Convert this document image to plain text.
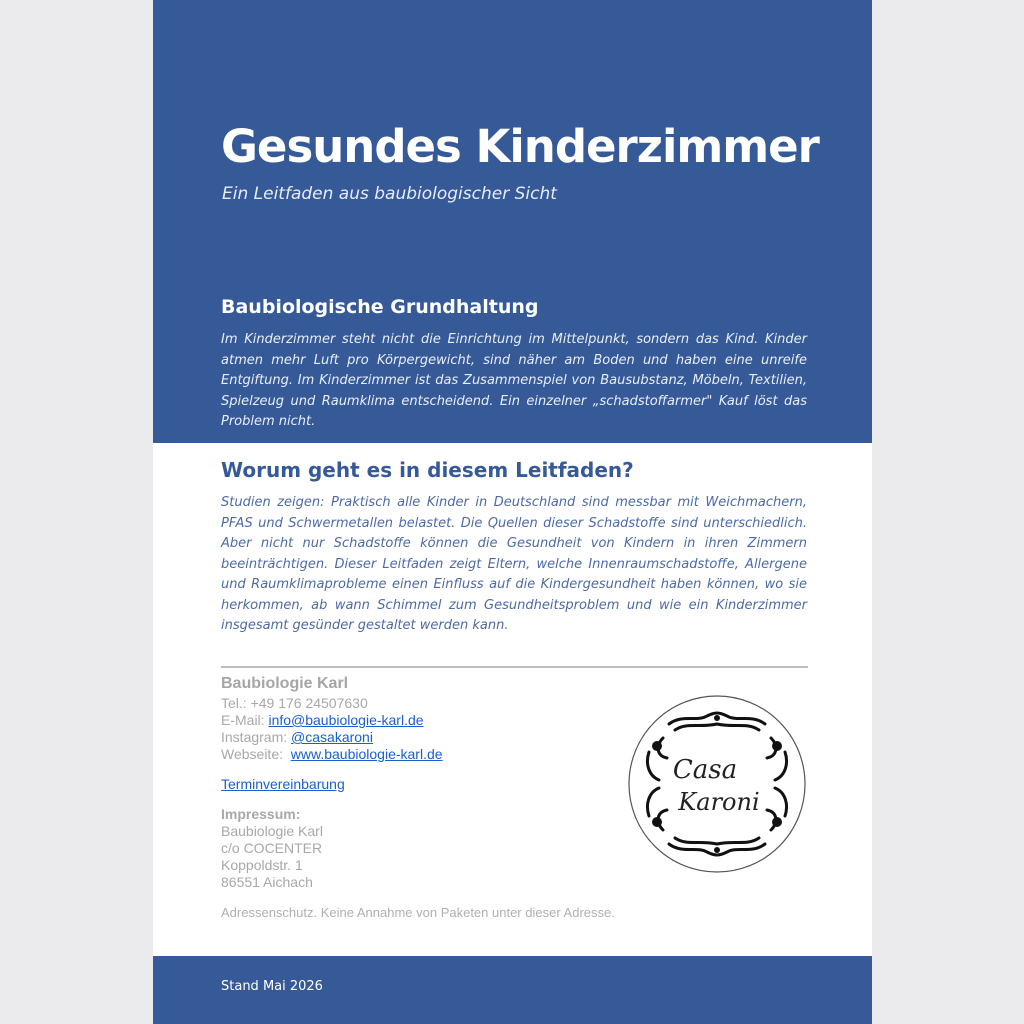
Gesundes Kinderzimmer
Ein Leitfaden aus baubiologischer Sicht
Baubiologische Grundhaltung

Im Kinderzimmer steht nicht die Einrichtung im Mittelpunkt, sondern das Kind. Kinder atmen mehr Luft pro Körpergewicht, sind näher am Boden und haben eine unreife Entgiftung. Im Kinderzimmer ist das Zusammenspiel von Bausubstanz, Möbeln, Textilien, Spielzeug und Raumklima entscheidend. Ein einzelner „schadstoffarmer" Kauf löst das Problem nicht.

Worum geht es in diesem Leitfaden?

Studien zeigen: Praktisch alle Kinder in Deutschland sind messbar mit Weichmachern, PFAS und Schwermetallen belastet. Die Quellen dieser Schadstoffe sind unterschiedlich. Aber nicht nur Schadstoffe können die Gesundheit von Kindern in ihren Zimmern beeinträchtigen. Dieser Leitfaden zeigt Eltern, welche Innenraumschadstoffe, Allergene und Raumklimaprobleme einen Einfluss auf die Kindergesundheit haben können, wo sie herkommen, ab wann Schimmel zum Gesundheitsproblem und wie ein Kinderzimmer insgesamt gesünder gestaltet werden kann.

Baubiologie Karl
Tel.: +49 176 24507630
E-Mail: info@baubiologie-karl.de
Instagram: @casakaroni
Webseite: www.baubiologie-karl.de
Terminvereinbarung
Impressum:
Baubiologie Karl
c/o COCENTER
Koppoldstr. 1
86551 Aichach
Adressenschutz. Keine Annahme von Paketen unter dieser Adresse.
Casa
Karoni
Stand Mai 2026
